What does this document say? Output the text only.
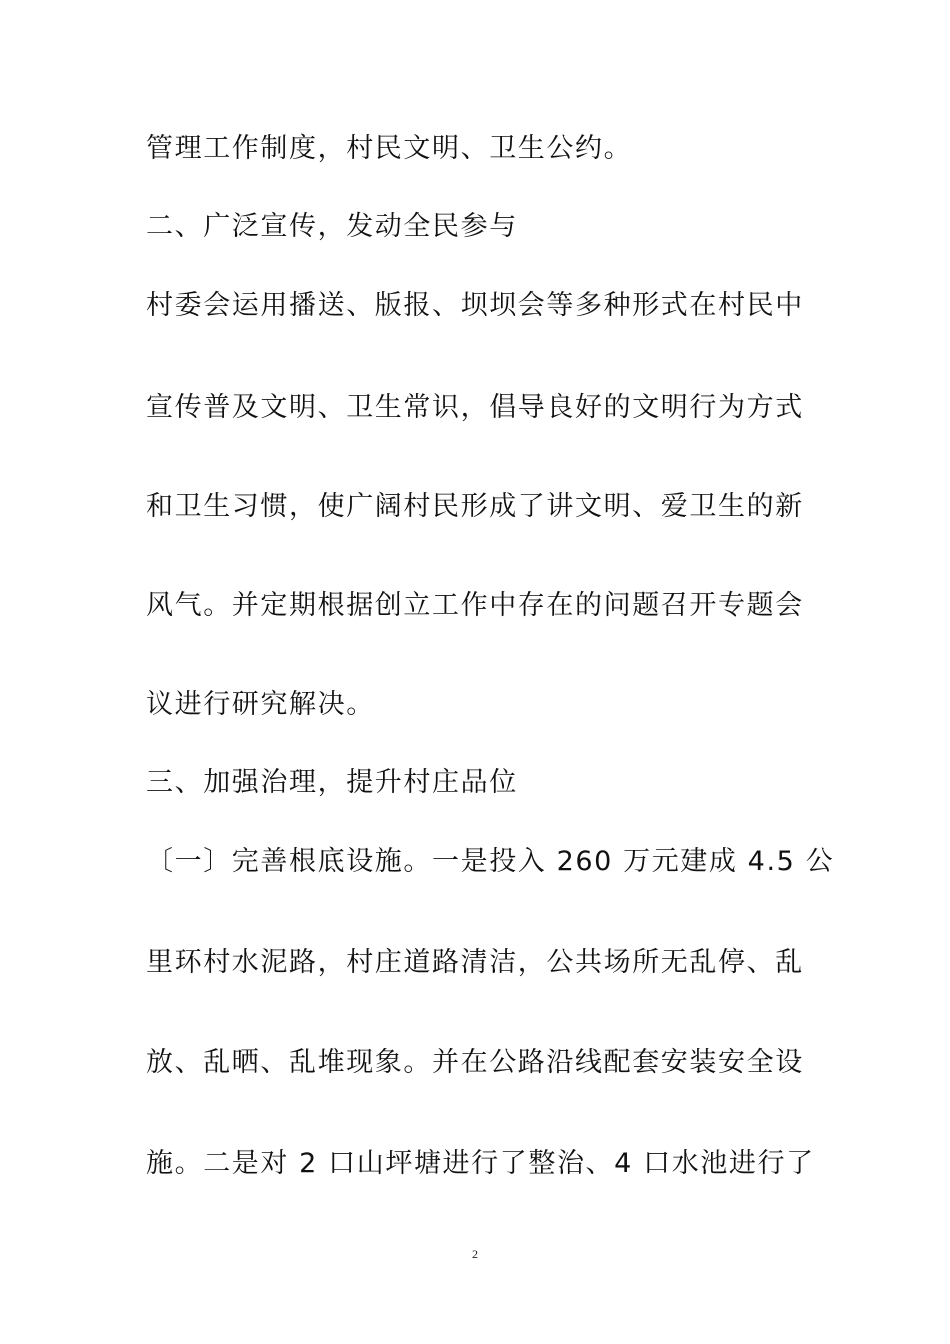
管理工作制度，村民文明、卫生公约。
二、广泛宣传，发动全民参与
村委会运用播送、版报、坝坝会等多种形式在村民中
宣传普及文明、卫生常识，倡导良好的文明行为方式
和卫生习惯，使广阔村民形成了讲文明、爱卫生的新
风气。并定期根据创立工作中存在的问题召开专题会
议进行研究解决。
三、加强治理，提升村庄品位
〔一〕完善根底设施。一是投入 260 万元建成 4.5 公
里环村水泥路，村庄道路清洁，公共场所无乱停、乱
放、乱晒、乱堆现象。并在公路沿线配套安装安全设
施。二是对 2 口山坪塘进行了整治、4 口水池进行了
2
